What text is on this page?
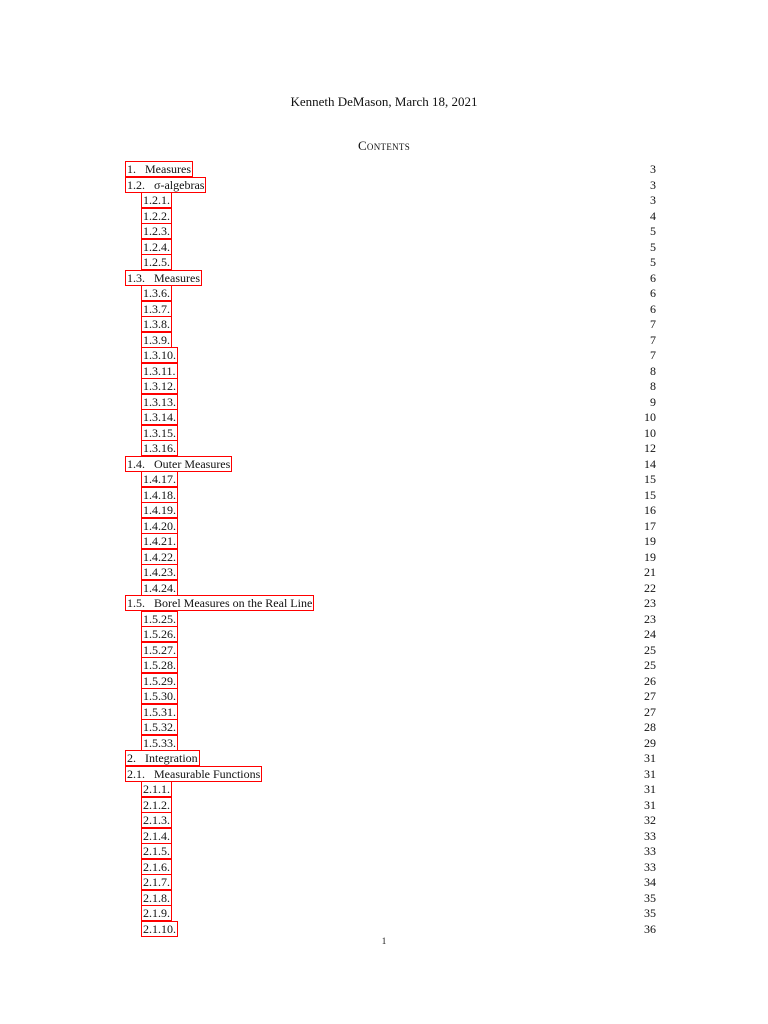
Kenneth DeMason, March 18, 2021
Contents
1.   Measures	3
1.2.   σ-algebras	3
1.2.1.	3
1.2.2.	4
1.2.3.	5
1.2.4.	5
1.2.5.	5
1.3.   Measures	6
1.3.6.	6
1.3.7.	6
1.3.8.	7
1.3.9.	7
1.3.10.	7
1.3.11.	8
1.3.12.	8
1.3.13.	9
1.3.14.	10
1.3.15.	10
1.3.16.	12
1.4.   Outer Measures	14
1.4.17.	15
1.4.18.	15
1.4.19.	16
1.4.20.	17
1.4.21.	19
1.4.22.	19
1.4.23.	21
1.4.24.	22
1.5.   Borel Measures on the Real Line	23
1.5.25.	23
1.5.26.	24
1.5.27.	25
1.5.28.	25
1.5.29.	26
1.5.30.	27
1.5.31.	27
1.5.32.	28
1.5.33.	29
2.   Integration	31
2.1.   Measurable Functions	31
2.1.1.	31
2.1.2.	31
2.1.3.	32
2.1.4.	33
2.1.5.	33
2.1.6.	33
2.1.7.	34
2.1.8.	35
2.1.9.	35
2.1.10.	36
1
